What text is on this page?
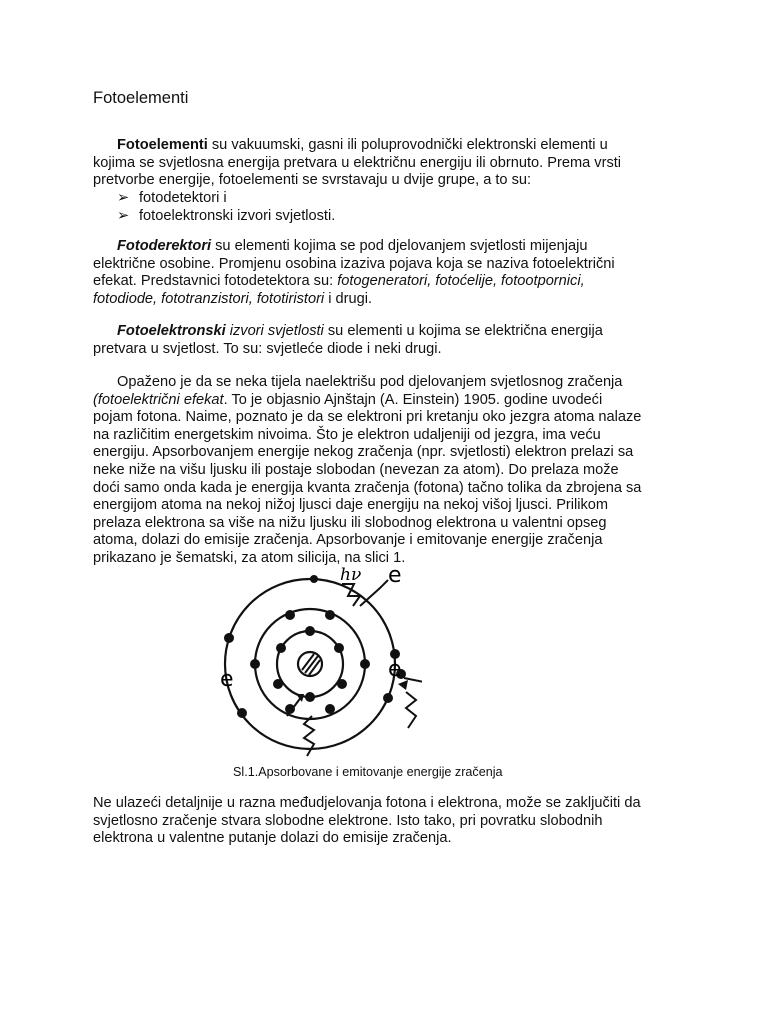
Fotoelementi
Fotoelementi su vakuumski, gasni ili poluprovodnički elektronski elementi u
kojima se svjetlosna energija pretvara u električnu energiju ili obrnuto. Prema vrsti
pretvorbe energije, fotoelementi se svrstavaju u dvije grupe, a to su:
➢ fotodetektori i
➢ fotoelektronski izvori svjetlosti.
Fotoderektori su elementi kojima se pod djelovanjem svjetlosti mijenjaju
električne osobine. Promjenu osobina izaziva pojava koja se naziva fotoelektrični
efekat. Predstavnici fotodetektora su: fotogeneratori, fotoćelije, fotootpornici,
fotodiode, fototranzistori, fototiristori i drugi.
Fotoelektronski izvori svjetlosti su elementi u kojima se električna energija
pretvara u svjetlost. To su: svjetleće diode i neki drugi.
Opaženo je da se neka tijela naelektrišu pod djelovanjem svjetlosnog zračenja
(fotoelektrični efekat. To je objasnio Ajnštajn (A. Einstein) 1905. godine uvodeći
pojam fotona. Naime, poznato je da se elektroni pri kretanju oko jezgra atoma nalaze
na različitim energetskim nivoima. Što je elektron udaljeniji od jezgra, ima veću
energiju. Apsorbovanjem energije nekog zračenja (npr. svjetlosti) elektron prelazi sa
neke niže na višu ljusku ili postaje slobodan (nevezan za atom). Do prelaza može
doći samo onda kada je energija kvanta zračenja (fotona) tačno tolika da zbrojena sa
energijom atoma na nekoj nižoj ljusci daje energiju na nekoj višoj ljusci. Prilikom
prelaza elektrona sa više na nižu ljusku ili slobodnog elektrona u valentni opseg
atoma, dolazi do emisije zračenja. Apsorbovanje i emitovanje energije zračenja
prikazano je šematski, za atom silicija, na slici 1.
Ne ulazeći detaljnije u razna međudjelovanja fotona i elektrona, može se zaključiti da
svjetlosno zračenje stvara slobodne elektrone. Isto tako, pri povratku slobodnih
elektrona u valentne putanje dolazi do emisije zračenja.
Sl.1.Apsorbovane i emitovanje energije zračenja
hν e
e	e
